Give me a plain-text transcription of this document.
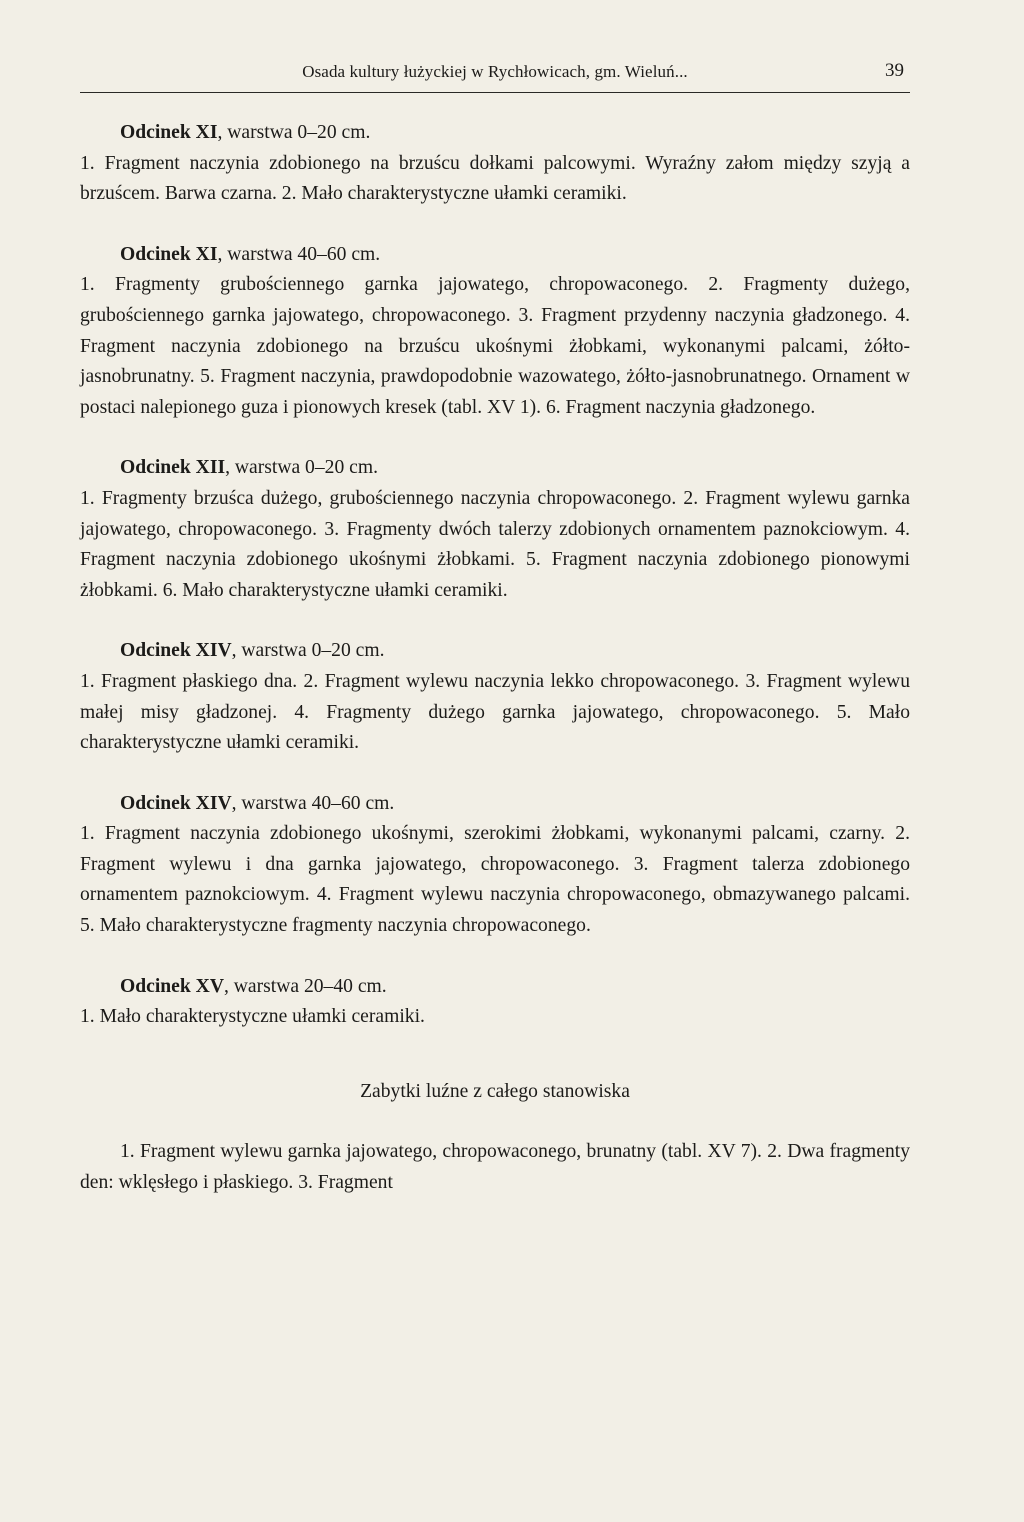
Osada kultury łużyckiej w Rychłowicach, gm. Wieluń...	39

Odcinek XI, warstwa 0–20 cm.

1. Fragment naczynia zdobionego na brzuścu dołkami palcowymi. Wyraźny załom między szyją a brzuścem. Barwa czarna. 2. Mało charakterystyczne ułamki ceramiki.

Odcinek XI, warstwa 40–60 cm.

1. Fragmenty grubościennego garnka jajowatego, chropowaconego. 2. Fragmenty dużego, grubościennego garnka jajowatego, chropowaconego. 3. Fragment przydenny naczynia gładzonego. 4. Fragment naczynia zdobionego na brzuścu ukośnymi żłobkami, wykonanymi palcami, żółto-jasnobrunatny. 5. Fragment naczynia, prawdopodobnie wazowatego, żółto-jasnobrunatnego. Ornament w postaci nalepionego guza i pionowych kresek (tabl. XV 1). 6. Fragment naczynia gładzonego.

Odcinek XII, warstwa 0–20 cm.

1. Fragmenty brzuśca dużego, grubościennego naczynia chropowaconego. 2. Fragment wylewu garnka jajowatego, chropowaconego. 3. Fragmenty dwóch talerzy zdobionych ornamentem paznokciowym. 4. Fragment naczynia zdobionego ukośnymi żłobkami. 5. Fragment naczynia zdobionego pionowymi żłobkami. 6. Mało charakterystyczne ułamki ceramiki.

Odcinek XIV, warstwa 0–20 cm.

1. Fragment płaskiego dna. 2. Fragment wylewu naczynia lekko chropowaconego. 3. Fragment wylewu małej misy gładzonej. 4. Fragmenty dużego garnka jajowatego, chropowaconego. 5. Mało charakterystyczne ułamki ceramiki.

Odcinek XIV, warstwa 40–60 cm.

1. Fragment naczynia zdobionego ukośnymi, szerokimi żłobkami, wykonanymi palcami, czarny. 2. Fragment wylewu i dna garnka jajowatego, chropowaconego. 3. Fragment talerza zdobionego ornamentem paznokciowym. 4. Fragment wylewu naczynia chropowaconego, obmazywanego palcami. 5. Mało charakterystyczne fragmenty naczynia chropowaconego.

Odcinek XV, warstwa 20–40 cm.

1. Mało charakterystyczne ułamki ceramiki.

Zabytki luźne z całego stanowiska

1. Fragment wylewu garnka jajowatego, chropowaconego, brunatny (tabl. XV 7). 2. Dwa fragmenty den: wklęsłego i płaskiego. 3. Fragment
